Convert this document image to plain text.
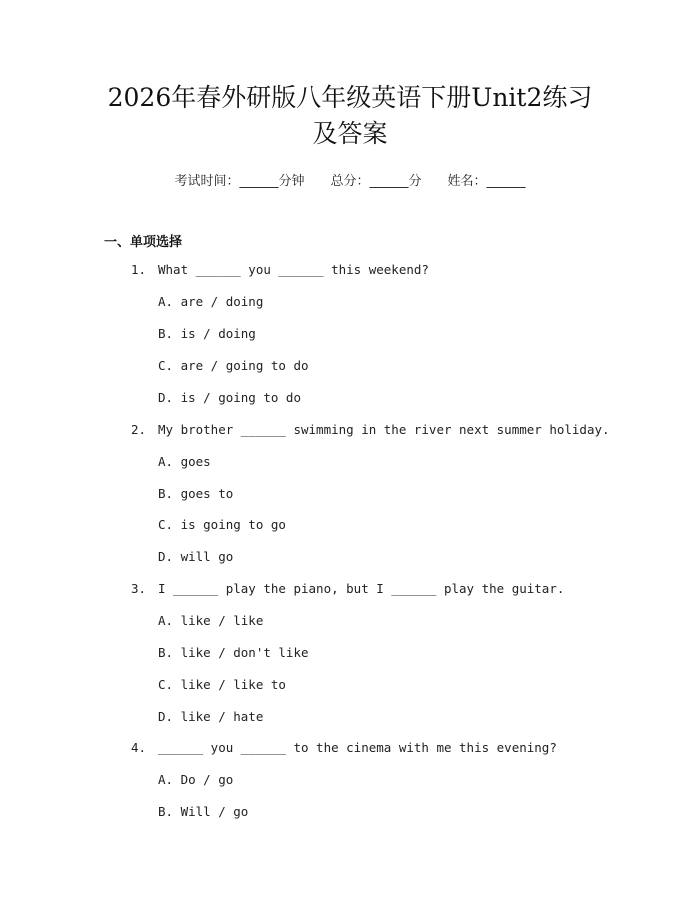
2026年春外研版八年级英语下册Unit2练习
及答案
考试时间：______分钟 总分：______分 姓名：______
一、单项选择
1. What ______ you ______ this weekend?
A. are / doing
B. is / doing
C. are / going to do
D. is / going to do
2. My brother ______ swimming in the river next summer holiday.
A. goes
B. goes to
C. is going to go
D. will go
3. I ______ play the piano, but I ______ play the guitar.
A. like / like
B. like / don't like
C. like / like to
D. like / hate
4. ______ you ______ to the cinema with me this evening?
A. Do / go
B. Will / go
